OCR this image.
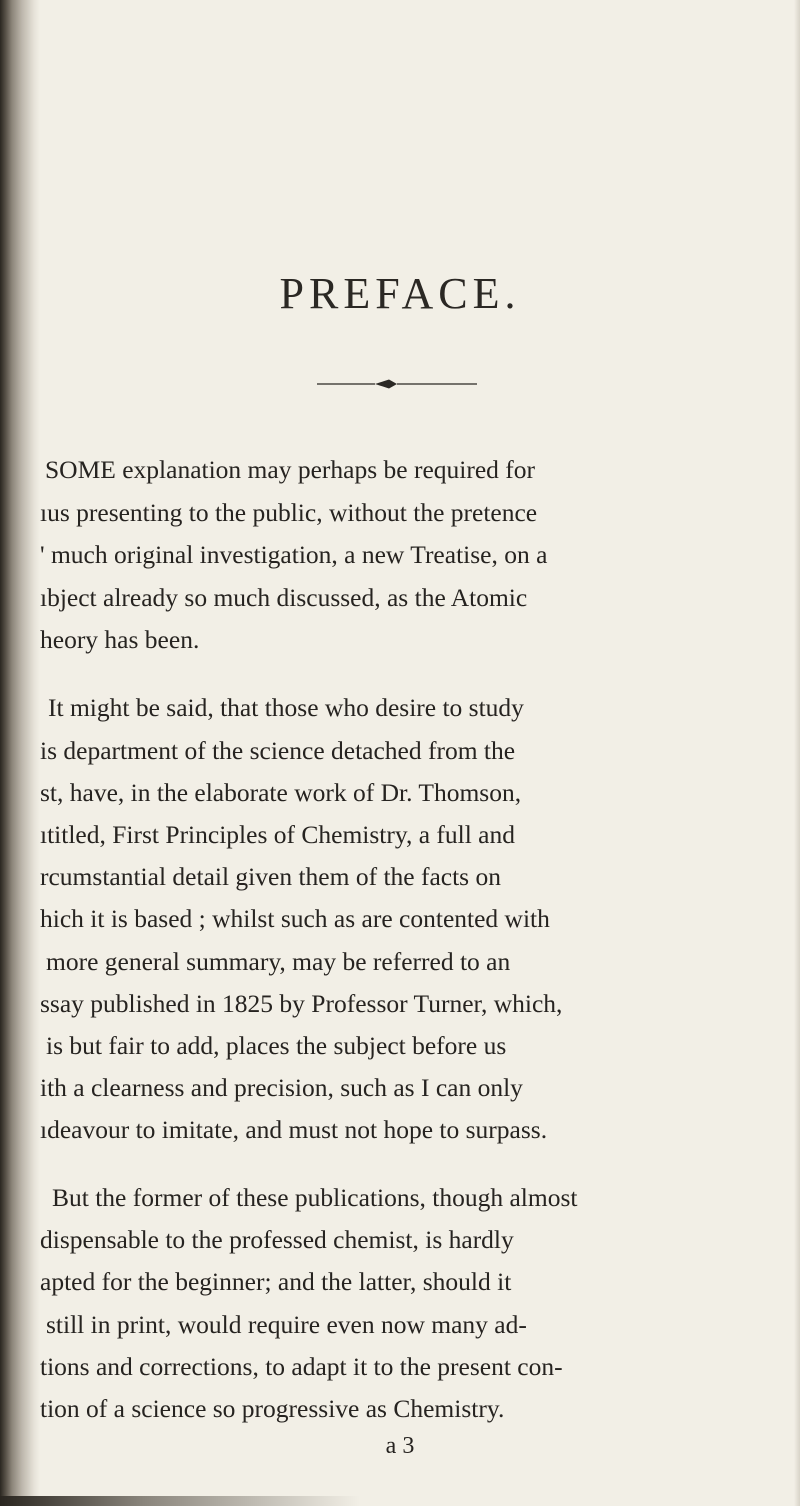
PREFACE.

SOME explanation may perhaps be required for

ıus presenting to the public, without the pretence

' much original investigation, a new Treatise, on a

ıbject already so much discussed, as the Atomic

heory has been.

It might be said, that those who desire to study

is department of the science detached from the

st, have, in the elaborate work of Dr. Thomson,

ıtitled, First Principles of Chemistry, a full and

rcumstantial detail given them of the facts on

hich it is based ; whilst such as are contented with

more general summary, may be referred to an

ssay published in 1825 by Professor Turner, which,

is but fair to add, places the subject before us

ith a clearness and precision, such as I can only

ıdeavour to imitate, and must not hope to surpass.

But the former of these publications, though almost

dispensable to the professed chemist, is hardly

apted for the beginner; and the latter, should it

still in print, would require even now many ad-

tions and corrections, to adapt it to the present con-

tion of a science so progressive as Chemistry.

a 3
